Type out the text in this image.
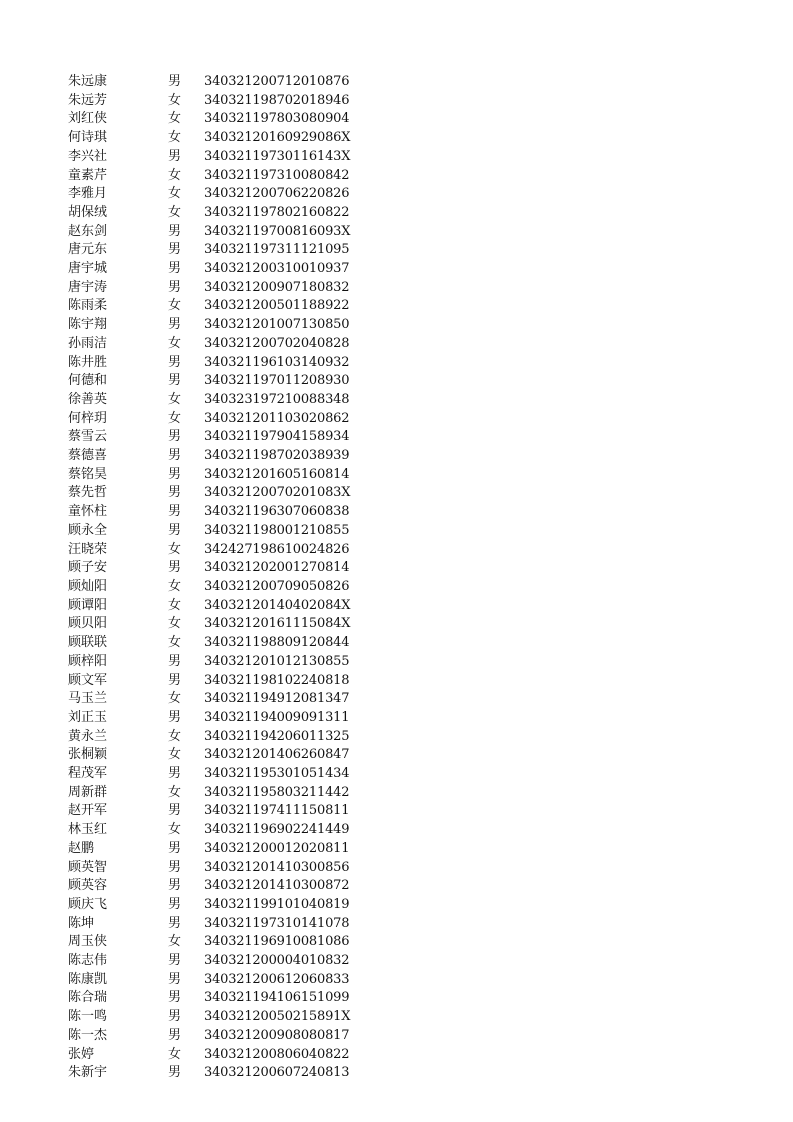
朱远康	男	340321200712010876
朱远芳	女	340321198702018946
刘红侠	女	340321197803080904
何诗琪	女	34032120160929086X
李兴社	男	34032119730116143X
童素芹	女	340321197310080842
李雅月	女	340321200706220826
胡保绒	女	340321197802160822
赵东剑	男	34032119700816093X
唐元东	男	340321197311121095
唐宇城	男	340321200310010937
唐宇涛	男	340321200907180832
陈雨柔	女	340321200501188922
陈宇翔	男	340321201007130850
孙雨洁	女	340321200702040828
陈井胜	男	340321196103140932
何德和	男	340321197011208930
徐善英	女	340323197210088348
何梓玥	女	340321201103020862
蔡雪云	男	340321197904158934
蔡德喜	男	340321198702038939
蔡铭昊	男	340321201605160814
蔡先哲	男	34032120070201083X
童怀柱	男	340321196307060838
顾永全	男	340321198001210855
汪晓荣	女	342427198610024826
顾子安	男	340321202001270814
顾灿阳	女	340321200709050826
顾谭阳	女	34032120140402084X
顾贝阳	女	34032120161115084X
顾联联	女	340321198809120844
顾梓阳	男	340321201012130855
顾文军	男	340321198102240818
马玉兰	女	340321194912081347
刘正玉	男	340321194009091311
黄永兰	女	340321194206011325
张桐颖	女	340321201406260847
程茂军	男	340321195301051434
周新群	女	340321195803211442
赵开军	男	340321197411150811
林玉红	女	340321196902241449
赵鹏	男	340321200012020811
顾英智	男	340321201410300856
顾英容	男	340321201410300872
顾庆飞	男	340321199101040819
陈坤	男	340321197310141078
周玉侠	女	340321196910081086
陈志伟	男	340321200004010832
陈康凯	男	340321200612060833
陈合瑞	男	340321194106151099
陈一鸣	男	34032120050215891X
陈一杰	男	340321200908080817
张婷	女	340321200806040822
朱新宇	男	340321200607240813
